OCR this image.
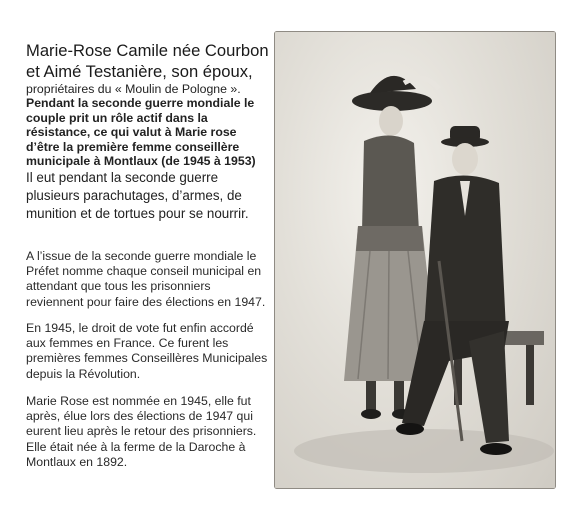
Marie-Rose Camile née Courbon

et Aimé Testanière, son époux,

propriétaires du « Moulin de Pologne ».

Pendant la seconde guerre mondiale le

couple prit un rôle actif dans la

résistance, ce qui valut à Marie rose

d’être la première femme conseillère

municipale à Montlaux (de 1945 à 1953)

Il eut pendant la seconde guerre

plusieurs parachutages, d’armes, de

munition et de tortues pour se nourrir.

A l’issue de la seconde guerre mondiale le

Préfet nomme chaque conseil municipal en

attendant que tous les prisonniers

reviennent pour faire des élections en 1947.

En 1945, le droit de vote fut enfin accordé

aux femmes en France. Ce furent les

premières femmes Conseillères Municipales

depuis la Révolution.

Marie Rose est nommée en 1945, elle fut

après, élue lors des élections de 1947 qui

eurent lieu après le retour des prisonniers.

Elle était née à la ferme de la Daroche à

Montlaux en 1892.
